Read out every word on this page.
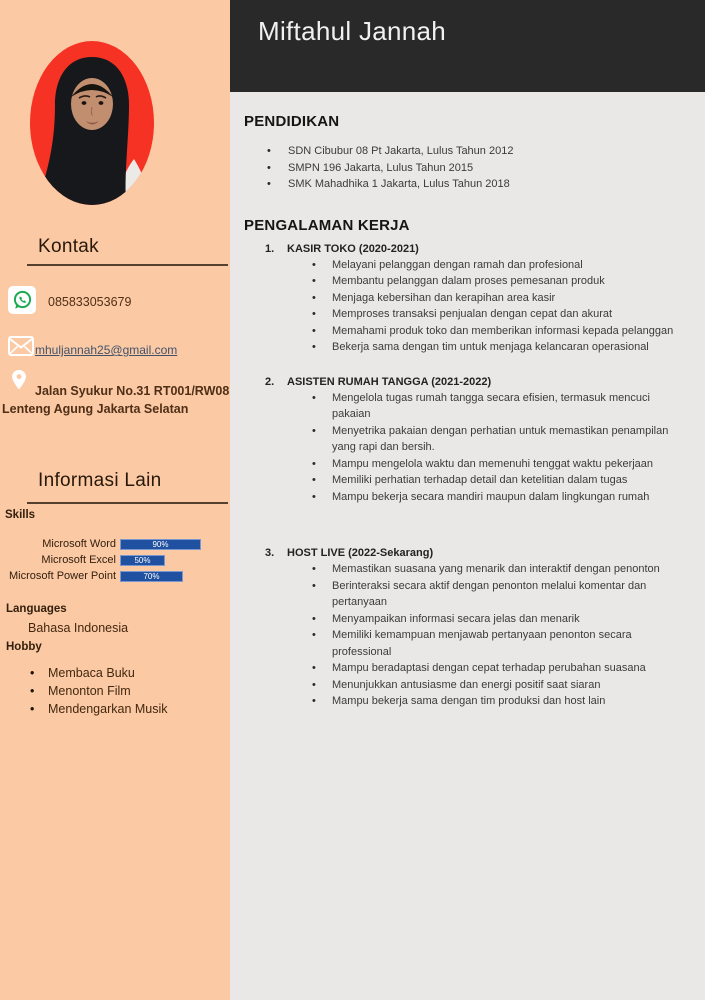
Kontak
085833053679
mhuljannah25@gmail.com
Jalan Syukur No.31 RT001/RW08
Lenteng Agung Jakarta Selatan
Informasi Lain
Skills
Microsoft Word	90%
Microsoft Excel	50%
Microsoft Power Point	70%
Languages
Bahasa Indonesia
Hobby
• Membaca Buku
• Menonton Film
• Mendengarkan Musik
Miftahul Jannah
PENDIDIKAN
• SDN Cibubur 08 Pt Jakarta, Lulus Tahun 2012
• SMPN 196 Jakarta, Lulus Tahun 2015
• SMK Mahadhika 1 Jakarta, Lulus Tahun 2018
PENGALAMAN KERJA
1. KASIR TOKO (2020-2021)
• Melayani pelanggan dengan ramah dan profesional
• Membantu pelanggan dalam proses pemesanan produk
• Menjaga kebersihan dan kerapihan area kasir
• Memproses transaksi penjualan dengan cepat dan akurat
• Memahami produk toko dan memberikan informasi kepada pelanggan
• Bekerja sama dengan tim untuk menjaga kelancaran operasional
2. ASISTEN RUMAH TANGGA (2021-2022)
• Mengelola tugas rumah tangga secara efisien, termasuk mencuci pakaian
• Menyetrika pakaian dengan perhatian untuk memastikan penampilan yang rapi dan bersih.
• Mampu mengelola waktu dan memenuhi tenggat waktu pekerjaan
• Memiliki perhatian terhadap detail dan ketelitian dalam tugas
• Mampu bekerja secara mandiri maupun dalam lingkungan rumah
3. HOST LIVE (2022-Sekarang)
• Memastikan suasana yang menarik dan interaktif dengan penonton
• Berinteraksi secara aktif dengan penonton melalui komentar dan pertanyaan
• Menyampaikan informasi secara jelas dan menarik
• Memiliki kemampuan menjawab pertanyaan penonton secara professional
• Mampu beradaptasi dengan cepat terhadap perubahan suasana
• Menunjukkan antusiasme dan energi positif saat siaran
• Mampu bekerja sama dengan tim produksi dan host lain
